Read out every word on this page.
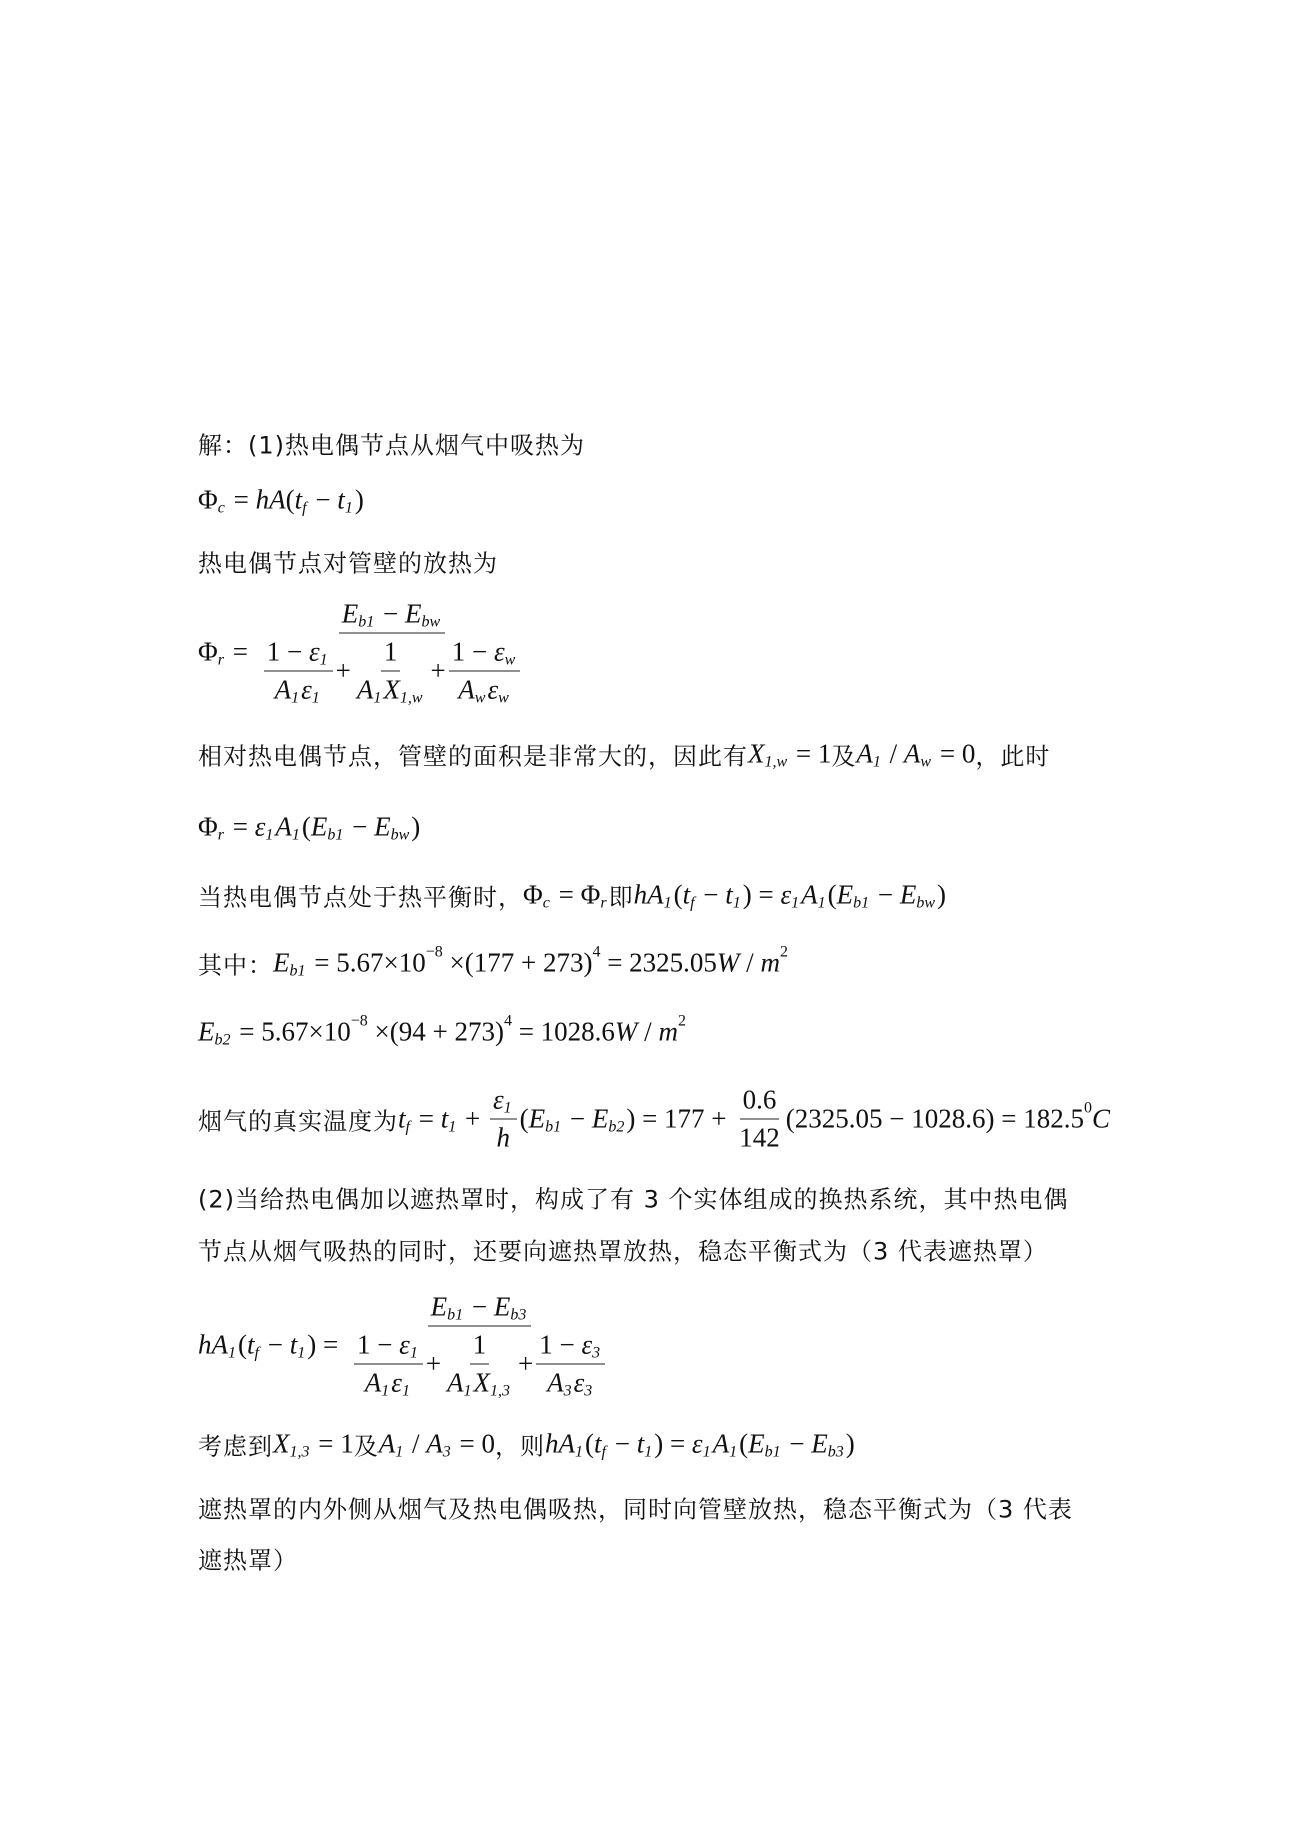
解：(1)热电偶节点从烟气中吸热为
Φ c = hA ( t f − t 1 )
热电偶节点对管壁的放热为
Φ $r = \frac{\text{E b1 − E bw}}{\frac{1 - \varepsilon 1}{A 1 \varepsilon 1} + \frac{1}{A 1 X 1,w} + \frac{\text{1 − ε w}}{\text{A w ε w}}}$
相对热电偶节点，管壁的面积是非常大的，因此有 X 1,w = 1 及 A 1 / A w = 0 ，此时
Φ r = ε 1 A 1 ( E b1 − E bw )
当热电偶节点处于热平衡时， Φ c = Φ r 即 hA 1 ( t f − t 1 ) = ε 1 A 1 ( E b1 − E bw )
其中： E b1 = 5.67×10 −8 ×(177 + 273) 4 = 2325.05 W / m 2
E b2 = 5.67×10 −8 ×(94 + 273) 4 = 1028.6 W / m 2
烟气的真实温度为 t f = t $1 + \frac{\varepsilon 1}{h}$ ( E b1 − E b2 ) = $177 + \frac{0.6}{142} (2325.05 - 1028.6) = 182.5$ 0 C
(2)当给热电偶加以遮热罩时，构成了有 3 个实体组成的换热系统，其中热电偶
节点从烟气吸热的同时，还要向遮热罩放热，稳态平衡式为（3 代表遮热罩）
hA 1 ( t f − t 1 ) = $\frac{\text{E b1 − E b3}}{\frac{1 - \varepsilon 1}{A 1 \varepsilon 1} + \frac{1}{A 1 X 1,3} + \frac{1 - \varepsilon 3}{A 3 \varepsilon 3}}$
考虑到 X 1,3 = 1 及 A 1 / A 3 = 0 ，则 hA 1 ( t f − t 1 ) = ε 1 A 1 ( E b1 − E b3 )
遮热罩的内外侧从烟气及热电偶吸热，同时向管壁放热，稳态平衡式为（3 代表
遮热罩）
